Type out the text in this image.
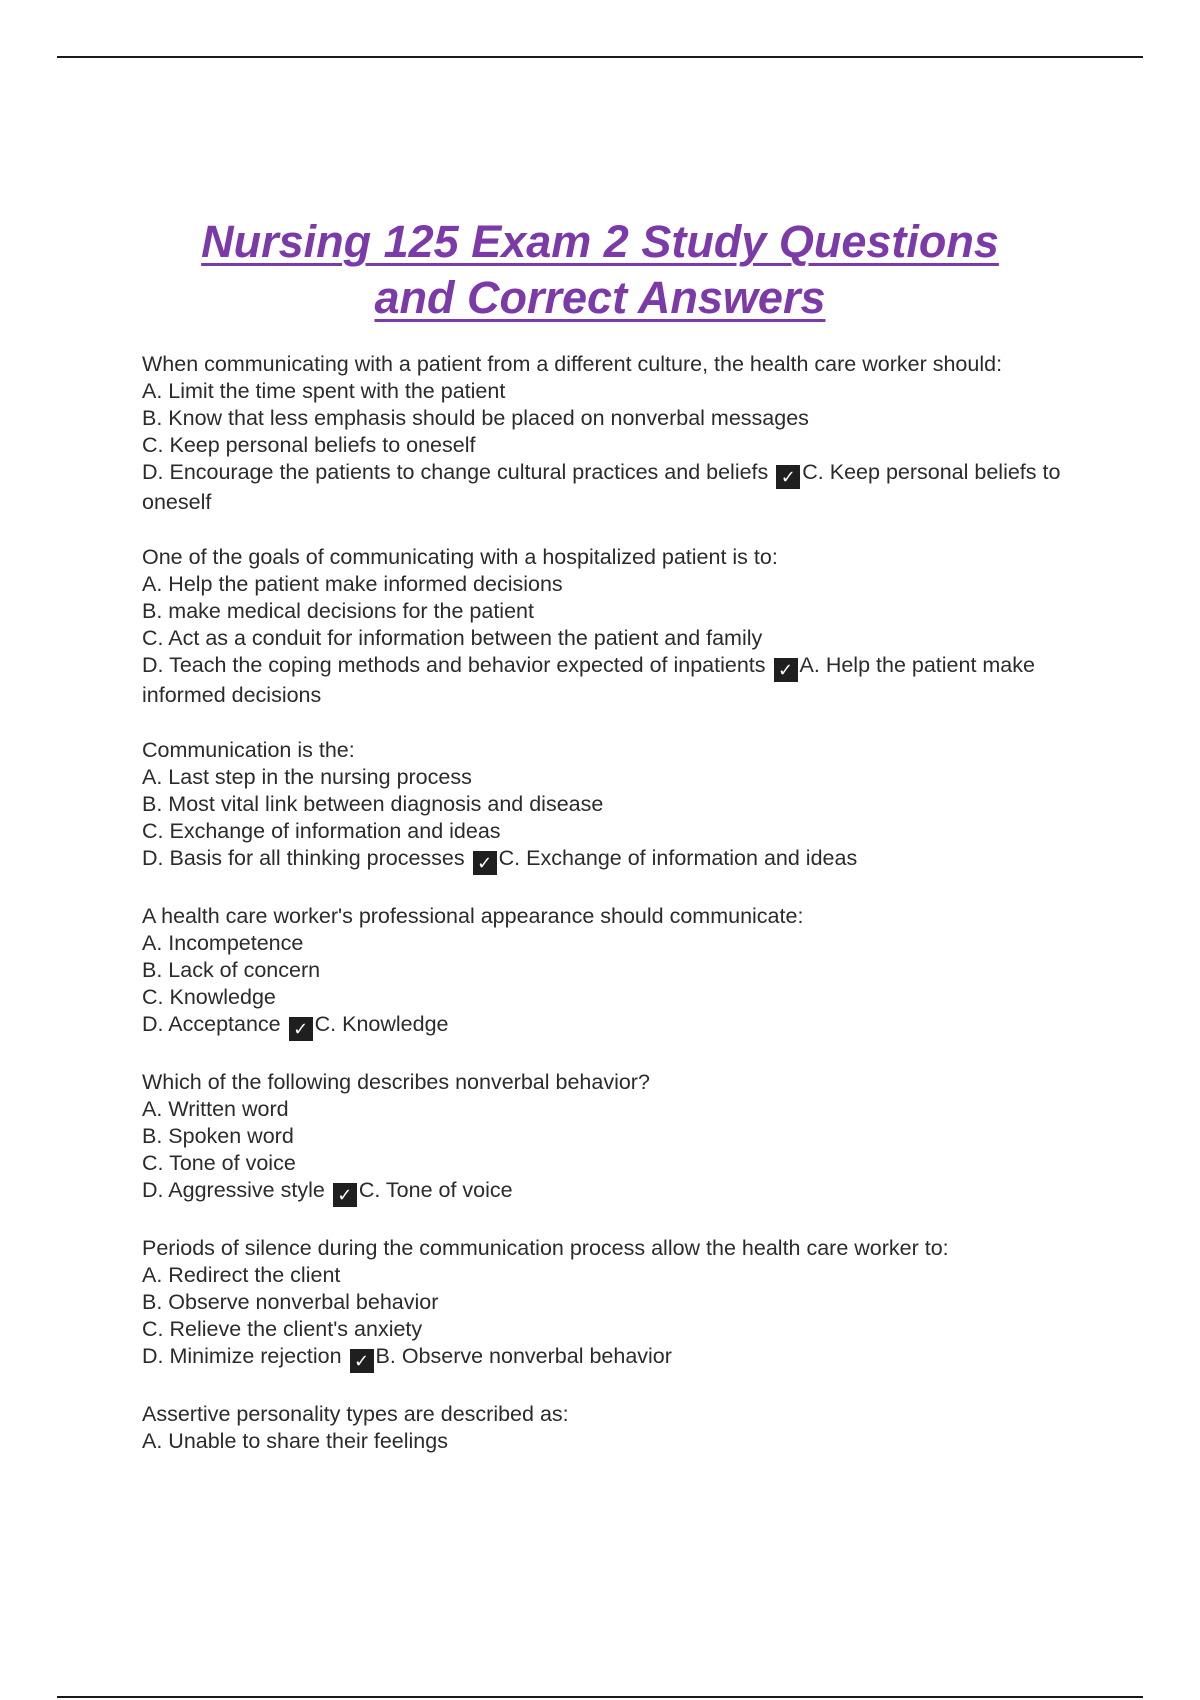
Nursing 125 Exam 2 Study Questions
and Correct Answers
When communicating with a patient from a different culture, the health care worker should:
A. Limit the time spent with the patient
B. Know that less emphasis should be placed on nonverbal messages
C. Keep personal beliefs to oneself
D. Encourage the patients to change cultural practices and beliefs ✓ C. Keep personal beliefs to oneself
One of the goals of communicating with a hospitalized patient is to:
A. Help the patient make informed decisions
B. make medical decisions for the patient
C. Act as a conduit for information between the patient and family
D. Teach the coping methods and behavior expected of inpatients ✓ A. Help the patient make informed decisions
Communication is the:
A. Last step in the nursing process
B. Most vital link between diagnosis and disease
C. Exchange of information and ideas
D. Basis for all thinking processes ✓ C. Exchange of information and ideas
A health care worker's professional appearance should communicate:
A. Incompetence
B. Lack of concern
C. Knowledge
D. Acceptance ✓ C. Knowledge
Which of the following describes nonverbal behavior?
A. Written word
B. Spoken word
C. Tone of voice
D. Aggressive style ✓ C. Tone of voice
Periods of silence during the communication process allow the health care worker to:
A. Redirect the client
B. Observe nonverbal behavior
C. Relieve the client's anxiety
D. Minimize rejection ✓ B. Observe nonverbal behavior
Assertive personality types are described as:
A. Unable to share their feelings
